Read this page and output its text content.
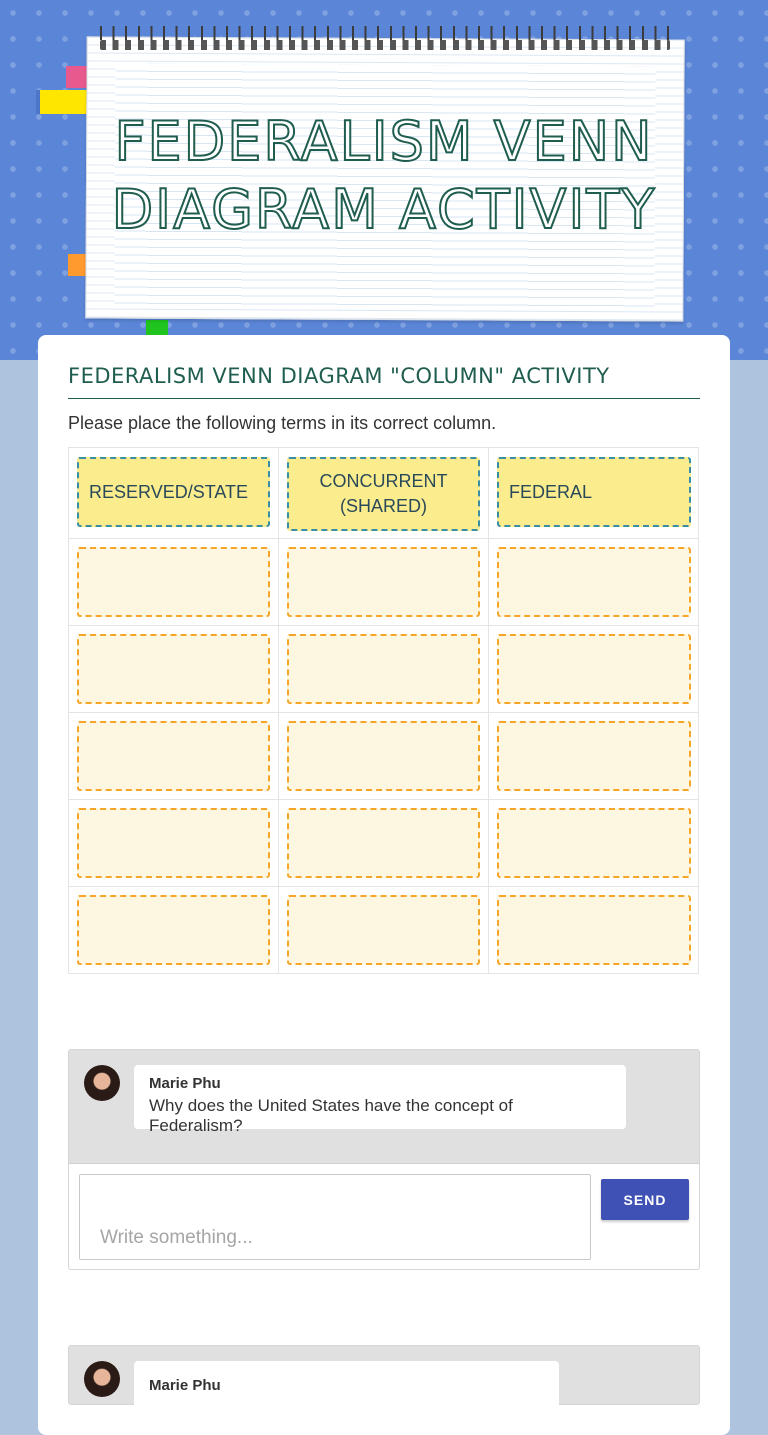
FEDERALISM VENN
DIAGRAM ACTIVITY
FEDERALISM VENN DIAGRAM "COLUMN" ACTIVITY
Please place the following terms in its correct column.
RESERVED/STATE
CONCURRENT (SHARED)
FEDERAL
Marie Phu
Why does the United States have the concept of Federalism?
Write something...
SEND
Marie Phu
